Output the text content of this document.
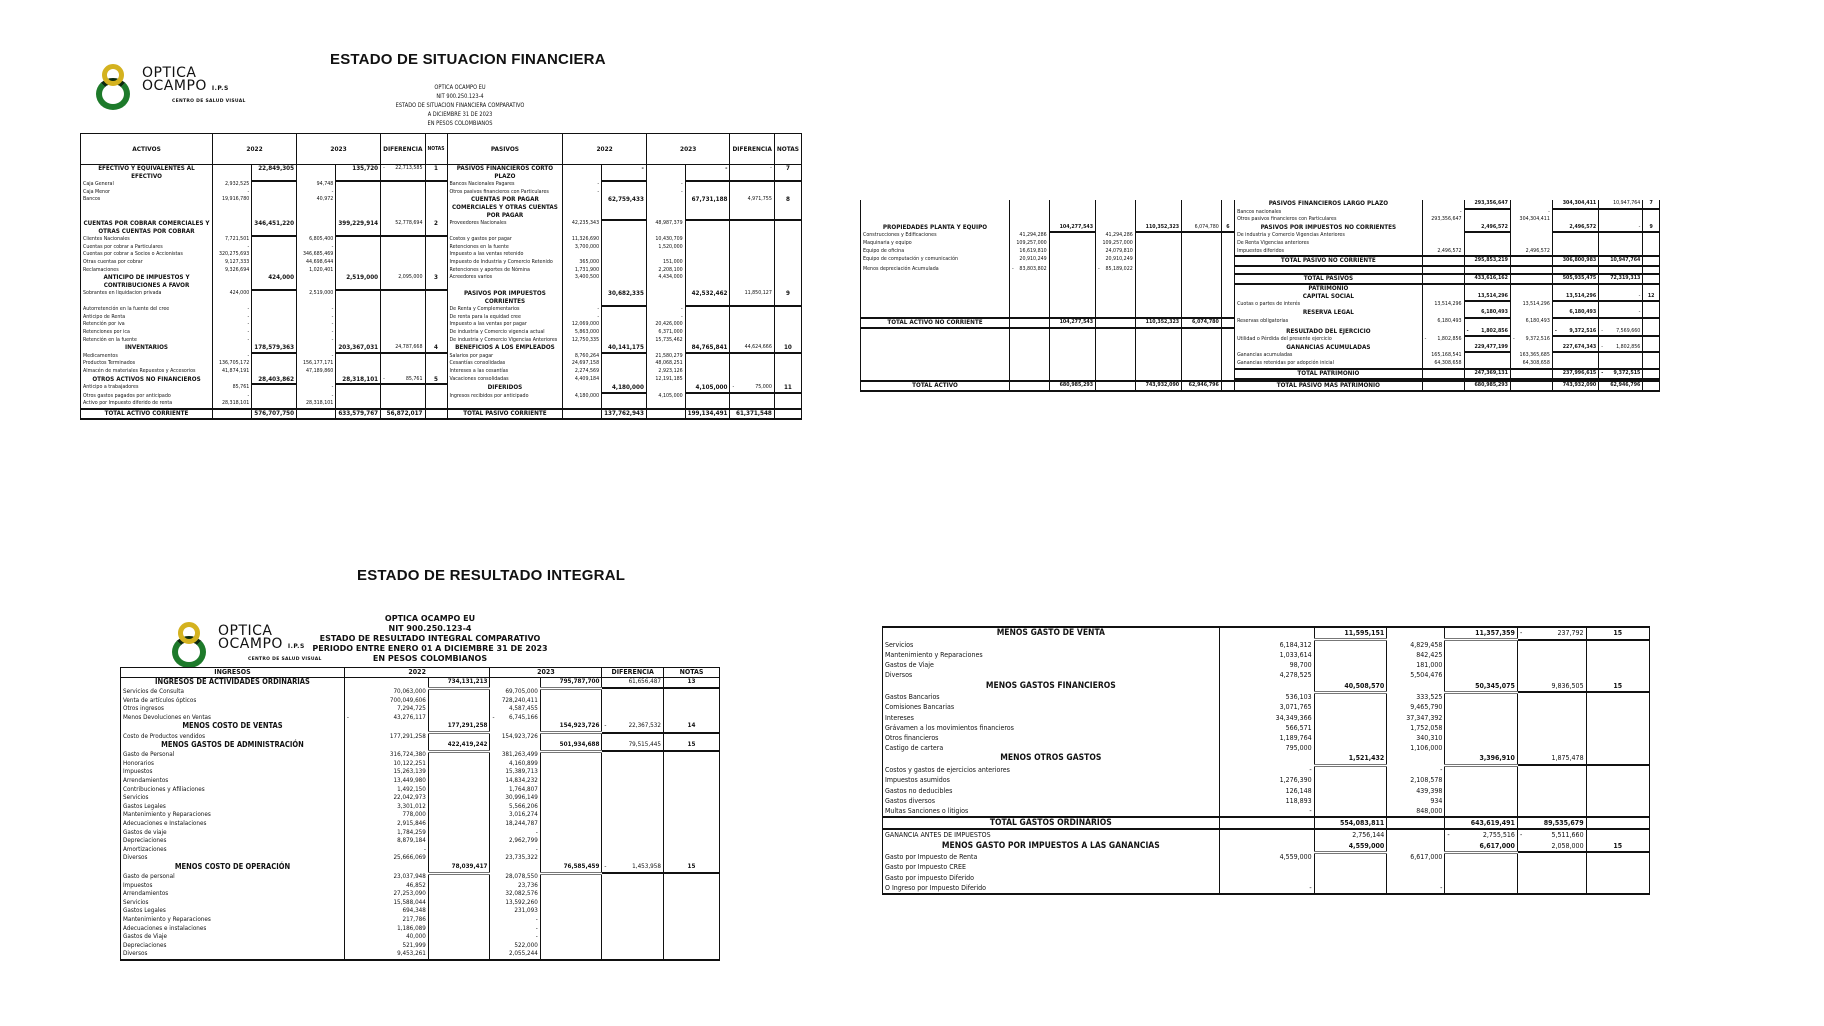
ESTADO DE SITUACION FINANCIERA
OPTICA
OCAMPO I.P.S
CENTRO DE SALUD VISUAL
OPTICA OCAMPO EU
NIT 900.250.123-4
ESTADO DE SITUACION FINANCIERA COMPARATIVO
A DICIEMBRE 31 DE 2023
EN PESOS COLOMBIANOS
ACTIVOS	2022		2023		DIFERENCIA	NOTAS	PASIVOS	2022		2023		DIFERENCIA	NOTAS
EFECTIVO Y EQUIVALENTES AL EFECTIVO		22,849,305		135,720	- 22,713,585	1	PASIVOS FINANCIEROS CORTO PLAZO		-		-	-	7
Caja General	2,932,525		94,748				Bancos Nacionales Pagares	-		-			
Caja Menor	-		-				Otros pasivos financieros con Particulares	-		-			
Bancos	19,916,780		40,972				CUENTAS POR PAGAR COMERCIALES Y OTRAS CUENTAS POR PAGAR		62,759,433		67,731,188	4,971,755	8
CUENTAS POR COBRAR COMERCIALES Y OTRAS CUENTAS POR COBRAR		346,451,220		399,229,914	52,778,694	2	Proveedores Nacionales	42,235,343		48,987,379			
Clientes Nacionales	7,721,501		6,805,400				Costos y gastos por pagar	11,326,690		10,430,709			
Cuentas por cobrar a Particulares	-		-				Retenciones en la fuente	3,700,000		1,520,000			
Cuentas por cobrar a Socios o Accionistas	320,275,693		346,685,469				Impuesto a las ventas retenido						
Otras cuentas por cobrar	9,127,333		44,698,644				Impuesto de Industria y Comercio Retenido	365,000		151,000			
Reclamaciones	9,326,694		1,020,401				Retenciones y aportes de Nómina	1,731,900		2,208,100			
ANTICIPO DE IMPUESTOS Y CONTRIBUCIONES A FAVOR		424,000		2,519,000	2,095,000	3	Acreedores varios	3,400,500		4,434,000			
Sobrantes en liquidacion privada	424,000		2,519,000				PASIVOS POR IMPUESTOS CORRIENTES		30,682,335		42,532,462	11,850,127	9
Autorretención en la fuente del cree	-		-				De Renta y Complementarios	-		-			
Anticipo de Renta	-		-				De renta para la equidad cree	-		-			
Retención por iva	-		-				Impuesto a las ventas por pagar	12,069,000		20,426,000			
Retenciones por ica	-		-				De industria y Comercio vigencia actual	5,863,000		6,371,000			
Retención en la fuente	-		-				De industria y Comercio Vigencias Anteriores	12,750,335		15,735,462			
INVENTARIOS		178,579,363		203,367,031	24,787,668	4	BENEFICIOS A LOS EMPLEADOS		40,141,175		84,765,841	44,624,666	10
Medicamentos	-		-				Salarios por pagar	8,760,264		21,580,279			
Productos Terminados	136,705,172		156,177,171				Cesantías consolidadas	24,697,158		48,068,251			
Almacén de materiales Repuestos y Accesorios	41,874,191		47,189,860				Intereses a las cesantías	2,274,569		2,923,126			
OTROS ACTIVOS NO FINANCIEROS		28,403,862		28,318,101	- 85,761	5	Vacaciones consolidadas	4,409,184		12,191,185			
Anticipo a trabajadores	85,761		-				DIFERIDOS		4,180,000		4,105,000	- 75,000	11
Otros gastos pagados por anticipado	-		-				Ingresos recibidos por anticipado	4,180,000		4,105,000			
Activo por Impuesto diferido de renta	28,318,101		28,318,101										
TOTAL ACTIVO CORRIENTE		576,707,750		633,579,767	56,872,017		TOTAL PASIVO CORRIENTE		137,762,943		199,134,491	61,371,548	
							PASIVOS FINANCIEROS LARGO PLAZO		293,356,647		304,304,411	10,947,764	7
							Bancos nacionales	-		-			
							Otros pasivos financieros con Particulares	293,356,647		304,304,411			
PROPIEDADES PLANTA Y EQUIPO		104,277,543		110,352,323	6,074,780	6	PASIVOS POR IMPUESTOS NO CORRIENTES		2,496,572		2,496,572	-	9
Construcciones y Edificaciones	41,294,286		41,294,286				De industria y Comercio Vigencias Anteriores						
Maquinaria y equipo	109,257,000		109,257,000				De Renta Vigencias anteriores						
Equipo de oficina	16,619,810		24,079,810				Impuestos diferidos	2,496,572		2,496,572			
Equipo de computación y comunicación	20,910,249		20,910,249				TOTAL PASIVO NO CORRIENTE		295,853,219		306,800,983	10,947,764	
Menos depreciación Acumulada	- 83,803,802		- 85,189,022										
							TOTAL PASIVOS		433,616,162		505,935,475	72,319,313	
							PATRIMONIO						
							CAPITAL SOCIAL		13,514,296		13,514,296	-	12
							Cuotas o partes de interés	13,514,296		13,514,296			
							RESERVA LEGAL		6,180,493		6,180,493	-	
TOTAL ACTIVO NO CORRIENTE		104,277,543		110,352,323	6,074,780		Reservas obligatorias	6,180,493		6,180,493			
							RESULTADO DEL EJERCICIO		- 1,802,856		- 9,372,516	- 7,569,660	
							Utilidad o Pérdida del presente ejercicio	- 1,802,856		- 9,372,516			
							GANANCIAS ACUMULADAS		229,477,199		227,674,343	- 1,802,856	
							Ganancias acumuladas	165,168,541		163,365,685			
							Ganancias retenidas por adopción inicial	64,308,658		64,308,658			
							TOTAL PATRIMONIO		247,369,131		237,996,615	- 9,372,515	

TOTAL ACTIVO		680,985,293		743,932,090	62,946,796		TOTAL PASIVO MAS PATRIMONIO		680,985,293		743,932,090	62,946,796	
ESTADO DE RESULTADO INTEGRAL
OPTICA
OCAMPO I.P.S
CENTRO DE SALUD VISUAL
OPTICA OCAMPO EU
NIT 900.250.123-4
ESTADO DE RESULTADO INTEGRAL COMPARATIVO
PERIODO ENTRE ENERO 01 A DICIEMBRE 31 DE 2023
EN PESOS COLOMBIANOS
INGRESOS	2022		2023		DIFERENCIA	NOTAS
INGRESOS DE ACTIVIDADES ORDINARIAS		734,131,213		795,787,700	61,656,487	13
Servicios de Consulta	70,063,000		69,705,000			
Venta de artículos ópticos	700,049,606		728,240,411			
Otros ingresos	7,294,725		4,587,455			
Menos Devoluciones en Ventas	- 43,276,117		- 6,745,166			
MENOS COSTO DE VENTAS		177,291,258		154,923,726	- 22,367,532	14
Costo de Productos vendidos	177,291,258		154,923,726			
MENOS GASTOS DE ADMINISTRACIÓN		422,419,242		501,934,688	79,515,445	15
Gasto de Personal	316,724,380		381,263,499			
Honorarios	10,122,251		4,160,899			
Impuestos	15,263,139		15,389,713			
Arrendamientos	13,449,980		14,834,232			
Contribuciones y Afiliaciones	1,492,150		1,764,807			
Servicios	22,042,973		30,996,149			
Gastos Legales	3,301,012		5,566,206			
Mantenimiento y Reparaciones	778,000		3,016,274			
Adecuaciones e Instalaciones	2,915,846		18,244,787			
Gastos de viaje	1,784,259		-			
Depreciaciones	8,879,184		2,962,799			
Amortizaciones	-		-			
Diversos	25,666,069		23,735,322			
MENOS COSTO DE OPERACIÓN		78,039,417		76,585,459	- 1,453,958	15
Gasto de personal	23,037,948		28,078,550			
Impuestos	46,852		23,736			
Arrendamientos	27,253,090		32,082,576			
Servicios	15,588,044		13,592,260			
Gastos Legales	694,348		231,093			
Mantenimiento y Reparaciones	217,786		-			
Adecuaciones e instalaciones	1,186,089		-			
Gastos de Viaje	40,000		-			
Depreciaciones	521,999		522,000			
Diversos	9,453,261		2,055,244			

MENOS GASTO DE VENTA		11,595,151		11,357,359	- 237,792	15
Servicios	6,184,312		4,829,458			
Mantenimiento y Reparaciones	1,033,614		842,425			
Gastos de Viaje	98,700		181,000			
Diversos	4,278,525		5,504,476			
MENOS GASTOS FINANCIEROS		40,508,570		50,345,075	9,836,505	15
Gastos Bancarios	536,103		333,525			
Comisiones Bancarias	3,071,765		9,465,790			
Intereses	34,349,366		37,347,392			
Grávamen a los movimientos financieros	566,571		1,752,058			
Otros financieros	1,189,764		340,310			
Castigo de cartera	795,000		1,106,000			
MENOS OTROS GASTOS		1,521,432		3,396,910	1,875,478	
Costos y gastos de ejercicios anteriores	-		-			
Impuestos asumidos	1,276,390		2,108,578			
Gastos no deducibles	126,148		439,398			
Gastos diversos	118,893		934			
Multas Sanciones o litigios	-		848,000			

TOTAL GASTOS ORDINARIOS		554,083,811		643,619,491	89,535,679	

GANANCIA ANTES DE IMPUESTOS		2,756,144		- 2,755,516	- 5,511,660	

MENOS GASTO POR IMPUESTOS A LAS GANANCIAS		4,559,000		6,617,000	2,058,000	15
Gasto por Impuesto de Renta	4,559,000		6,617,000			
Gasto por Impuesto CREE						
Gasto por impuesto Diferido						
O Ingreso por Impuesto Diferido	-		-			
